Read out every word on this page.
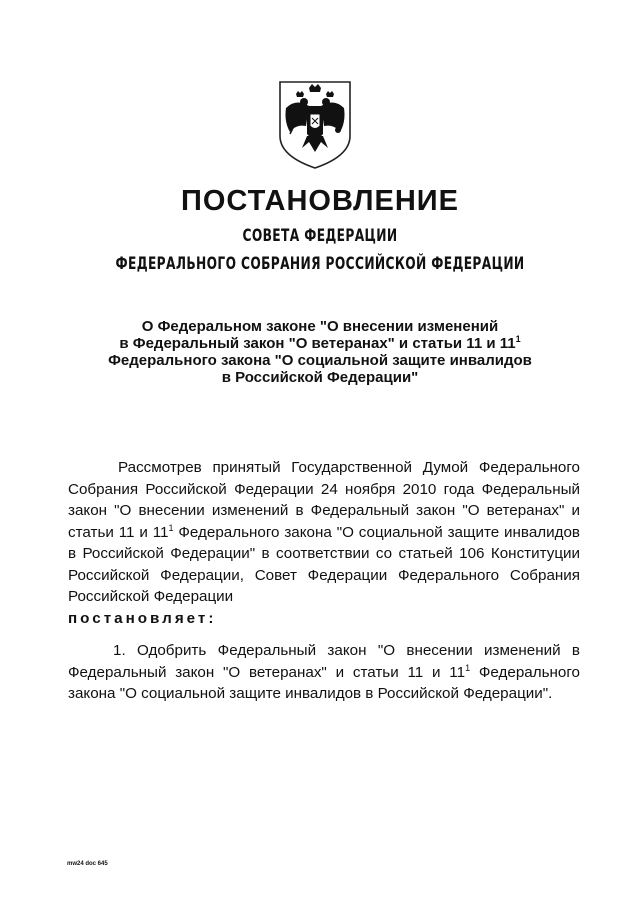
ПОСТАНОВЛЕНИЕ
СОВЕТА ФЕДЕРАЦИИ
ФЕДЕРАЛЬНОГО СОБРАНИЯ РОССИЙСКОЙ ФЕДЕРАЦИИ
О Федеральном законе "О внесении изменений
в Федеральный закон "О ветеранах" и статьи 11 и $11^1$
Федерального закона "О социальной защите инвалидов
в Российской Федерации"
Рассмотрев принятый Государственной Думой Федерального Собрания Российской Федерации 24 ноября 2010 года Федеральный закон "О внесении изменений в Федеральный закон "О ветеранах" и статьи 11 и $11^1$ Федерального закона "О социальной защите инвалидов в Российской Федерации" в соответствии со статьей 106 Конституции Российской Федерации, Совет Федерации Федерального Собрания Российской Федерации
постановляет:
1. Одобрить Федеральный закон "О внесении изменений в Федеральный закон "О ветеранах" и статьи 11 и $11^1$ Федерального закона "О социальной защите инвалидов в Российской Федерации".
mw24 doc 645
